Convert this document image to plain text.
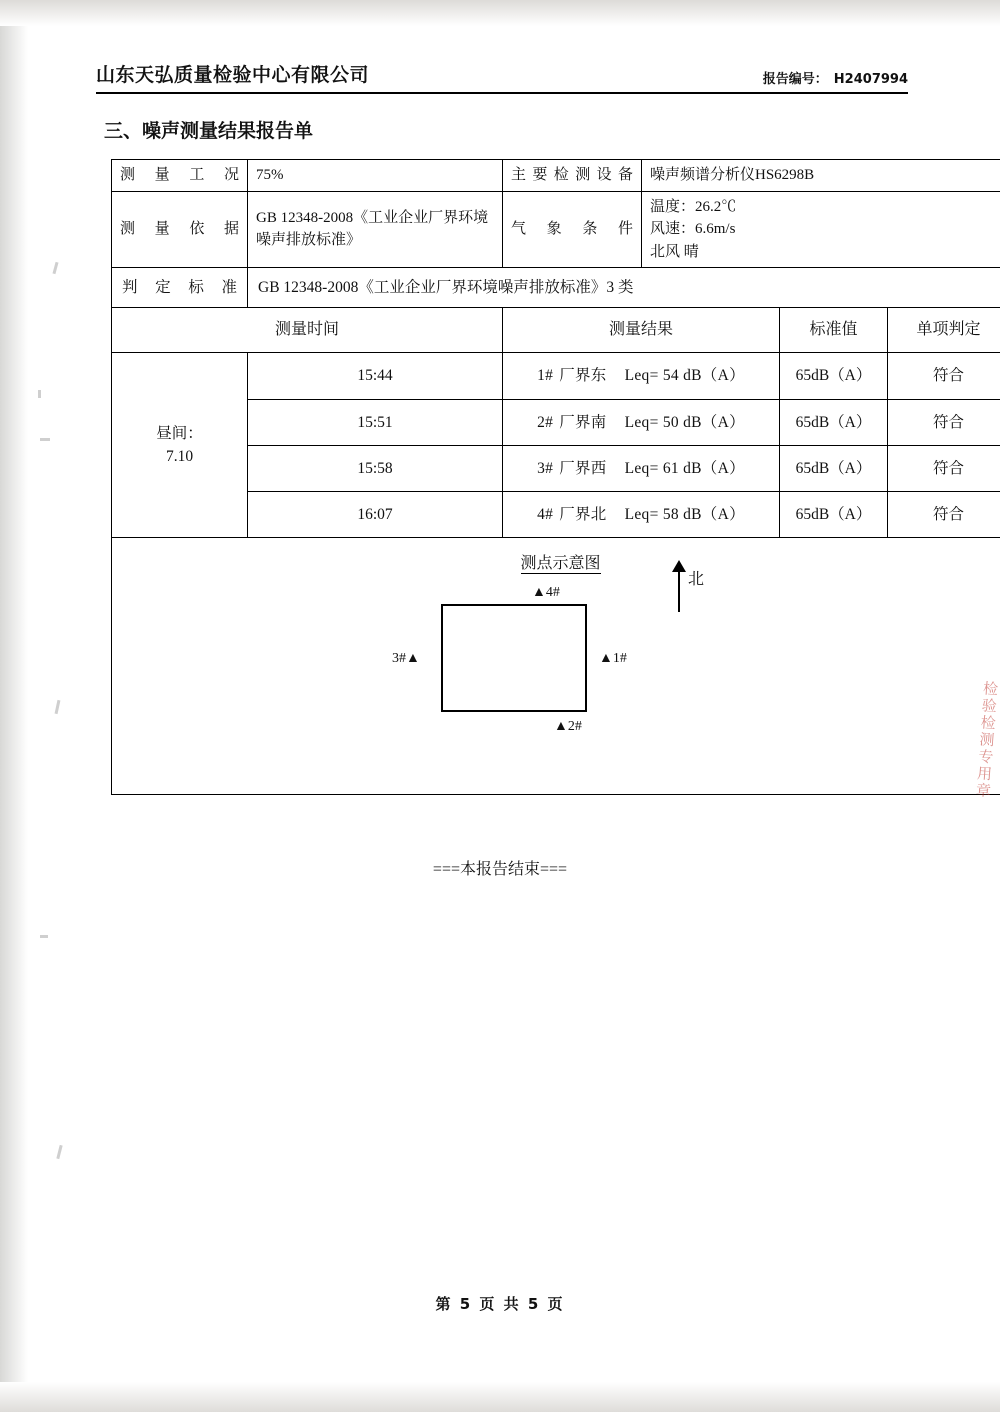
山东天弘质量检验中心有限公司	报告编号： H2407994
三、噪声测量结果报告单
测量工况	75%	主要检测设备	噪声频谱分析仪HS6298B		
测量依据	GB 12348-2008《工业企业厂界环境噪声排放标准》	气象条件	温度：26.2℃
风速：6.6m/s
北风 晴		

判定标准	GB 12348-2008《工业企业厂界环境噪声排放标准》3 类				
测量时间		测量结果		标准值	单项判定

昼间：
7.10	15:44	1# 厂界东 Leq= 54 dB（A）		65dB（A）	符合
	15:51	2# 厂界南 Leq= 50 dB（A）		65dB（A）	符合
	15:58	3# 厂界西 Leq= 61 dB（A）		65dB（A）	符合
	16:07	4# 厂界北 Leq= 58 dB（A）		65dB（A）	符合

测点示意图
北
▲4#
▲1#
3#▲
▲2#
===本报告结束===
第 5 页 共 5 页
检验检测专用章
